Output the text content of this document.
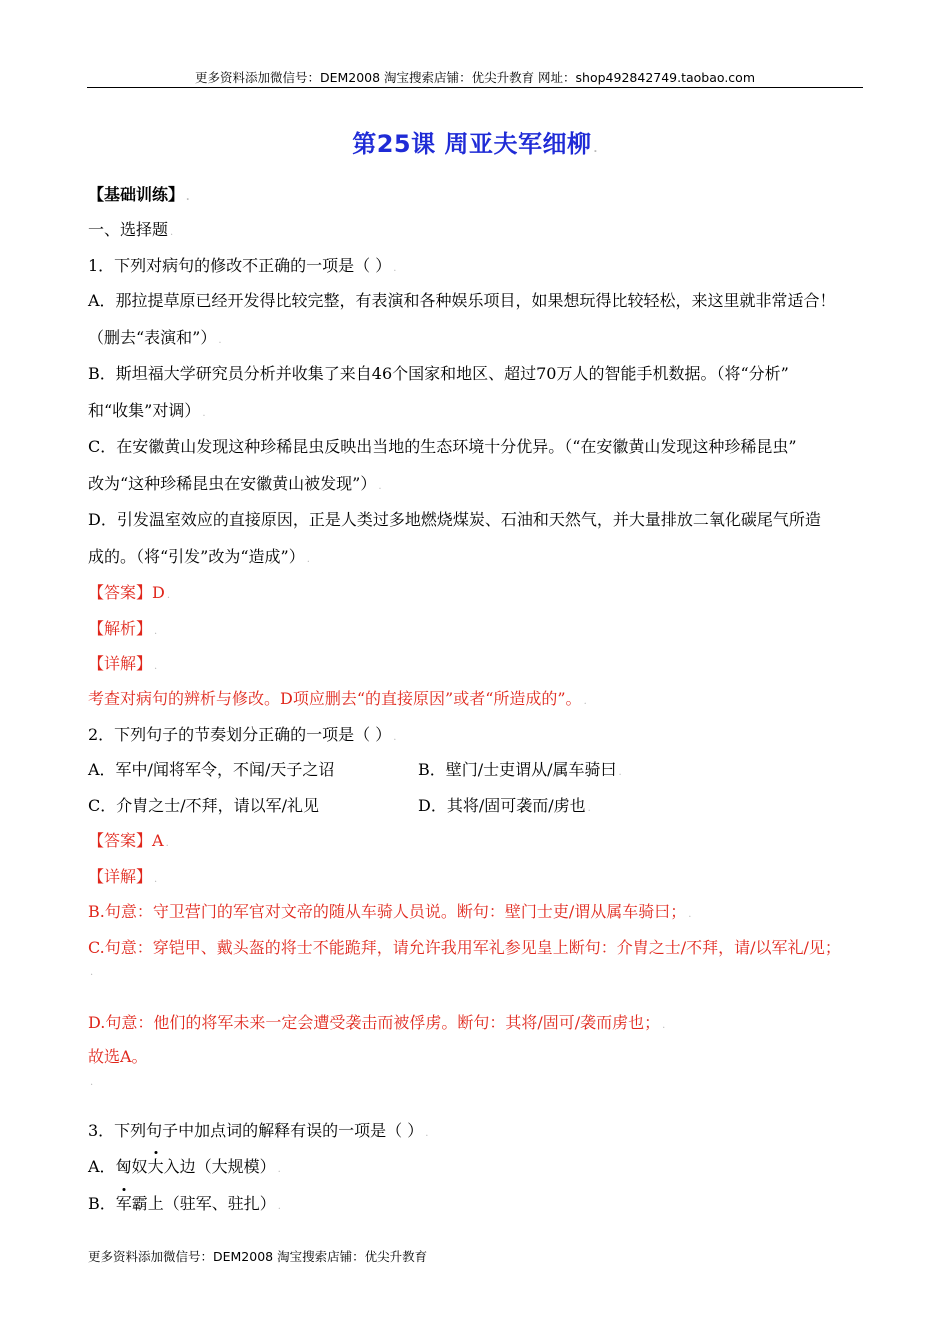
更多资料添加微信号：DEM2008 淘宝搜索店铺：优尖升教育 网址：shop492842749.taobao.com
第25课 周亚夫军细柳 .
【基础训练】 .
一、选择题 .
1．下列对病句的修改不正确的一项是（ ） .
A．那拉提草原已经开发得比较完整，有表演和各种娱乐项目，如果想玩得比较轻松，来这里就非常适合！
（删去“表演和”） .
B．斯坦福大学研究员分析并收集了来自46个国家和地区、超过70万人的智能手机数据。（将“分析”
和“收集”对调） .
C．在安徽黄山发现这种珍稀昆虫反映出当地的生态环境十分优异。（“在安徽黄山发现这种珍稀昆虫”
改为“这种珍稀昆虫在安徽黄山被发现”） .
D．引发温室效应的直接原因，正是人类过多地燃烧煤炭、石油和天然气，并大量排放二氧化碳尾气所造
成的。（将“引发”改为“造成”） .
【答案】D .
【解析】 .
【详解】 .
考查对病句的辨析与修改。D项应删去“的直接原因”或者“所造成的”。 .
2．下列句子的节奏划分正确的一项是（ ） .
A．军中/闻将军令，不闻/天子之诏	B．壁门/士吏谓从/属车骑曰 .
C．介胄之士/不拜，请以军/礼见	D．其将/固可袭而/虏也 .
【答案】A .
【详解】 .
B.句意：守卫营门的军官对文帝的随从车骑人员说。断句：壁门士吏/谓从属车骑曰； .
C.句意：穿铠甲、戴头盔的将士不能跪拜，请允许我用军礼参见皇上断句：介胄之士/不拜，请/以军礼/见；
.
D.句意：他们的将军未来一定会遭受袭击而被俘虏。断句：其将/固可/袭而虏也； .
故选A。
.
3．下列句子中加点词的解释有误的一项是（ ） .
A．匈奴大入边（大规模） .
B．军霸上（驻军、驻扎） .
更多资料添加微信号：DEM2008 淘宝搜索店铺：优尖升教育
